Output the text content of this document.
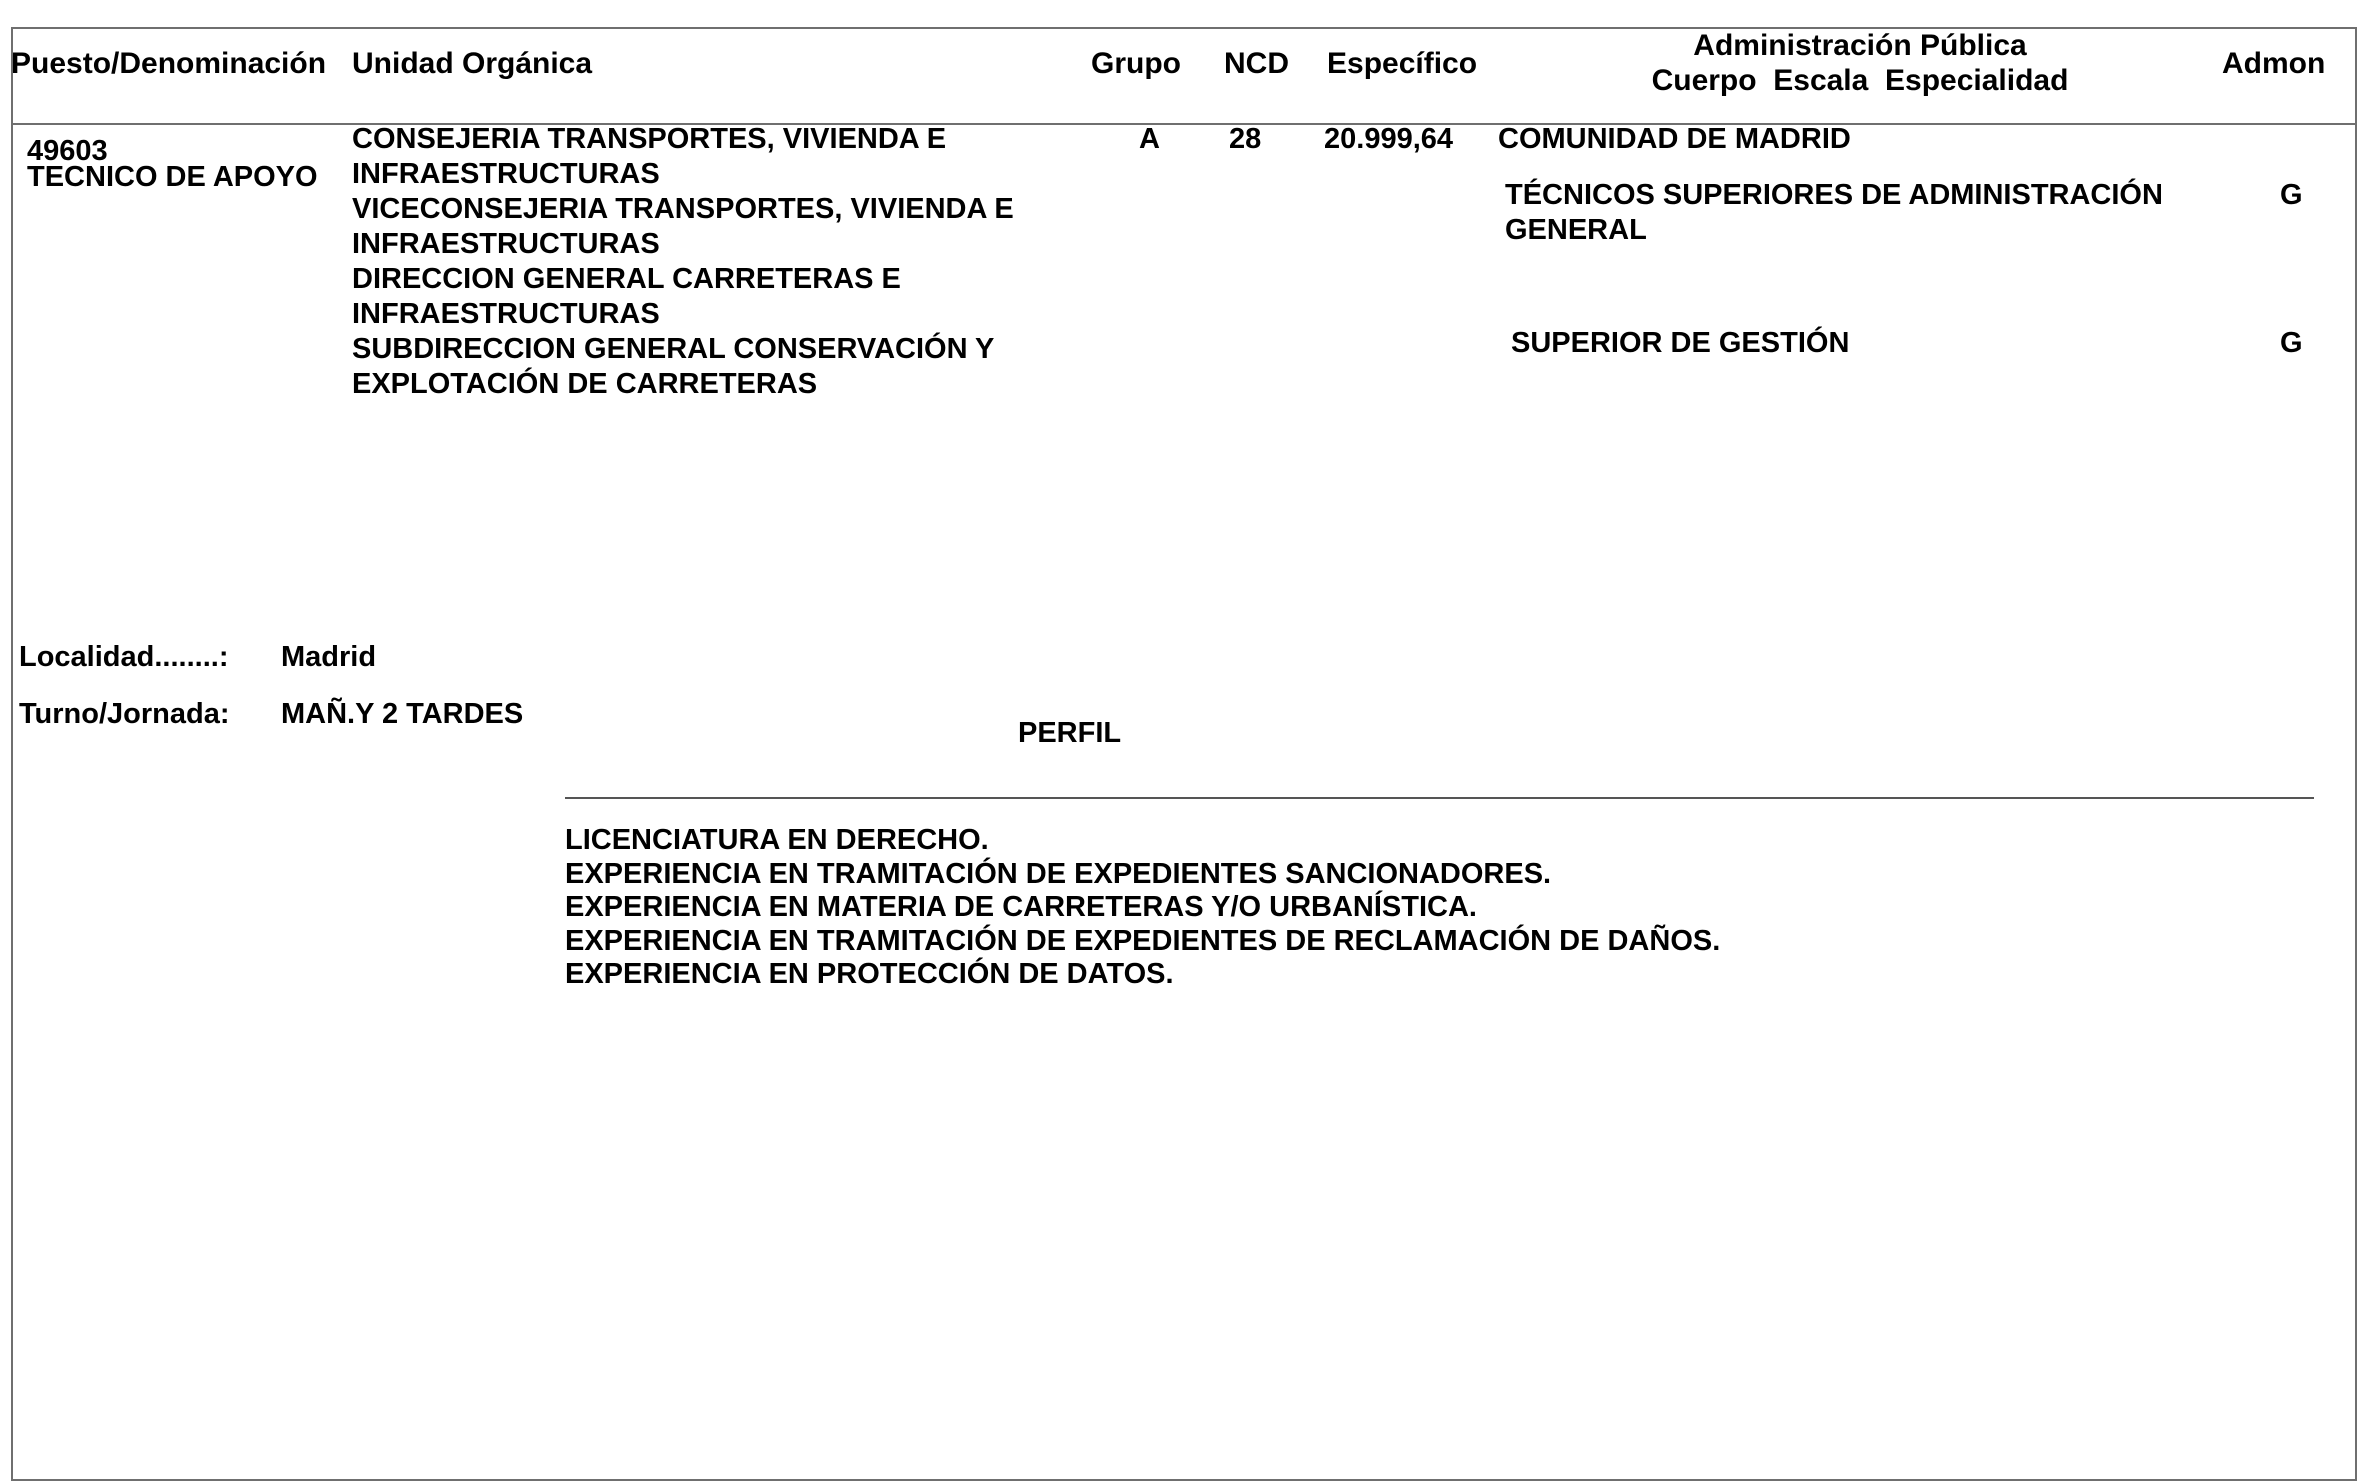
Puesto/Denominación Unidad Orgánica	Grupo NCD Específico
Administración Pública
Cuerpo  Escala  Especialidad
Admon
49603
TECNICO DE APOYO
CONSEJERIA TRANSPORTES, VIVIENDA E
INFRAESTRUCTURAS
VICECONSEJERIA TRANSPORTES, VIVIENDA E
INFRAESTRUCTURAS
DIRECCION GENERAL CARRETERAS E
INFRAESTRUCTURAS
SUBDIRECCION GENERAL CONSERVACIÓN Y
EXPLOTACIÓN DE CARRETERAS
A 28 20.999,64 COMUNIDAD DE MADRID
TÉCNICOS SUPERIORES DE ADMINISTRACIÓN
GENERAL
G
SUPERIOR DE GESTIÓN	G
Localidad........: Madrid
Turno/Jornada: MAÑ.Y 2 TARDES
PERFIL
LICENCIATURA EN DERECHO.
EXPERIENCIA EN TRAMITACIÓN DE EXPEDIENTES SANCIONADORES.
EXPERIENCIA EN MATERIA DE CARRETERAS Y/O URBANÍSTICA.
EXPERIENCIA EN TRAMITACIÓN DE EXPEDIENTES DE RECLAMACIÓN DE DAÑOS.
EXPERIENCIA EN PROTECCIÓN DE DATOS.
